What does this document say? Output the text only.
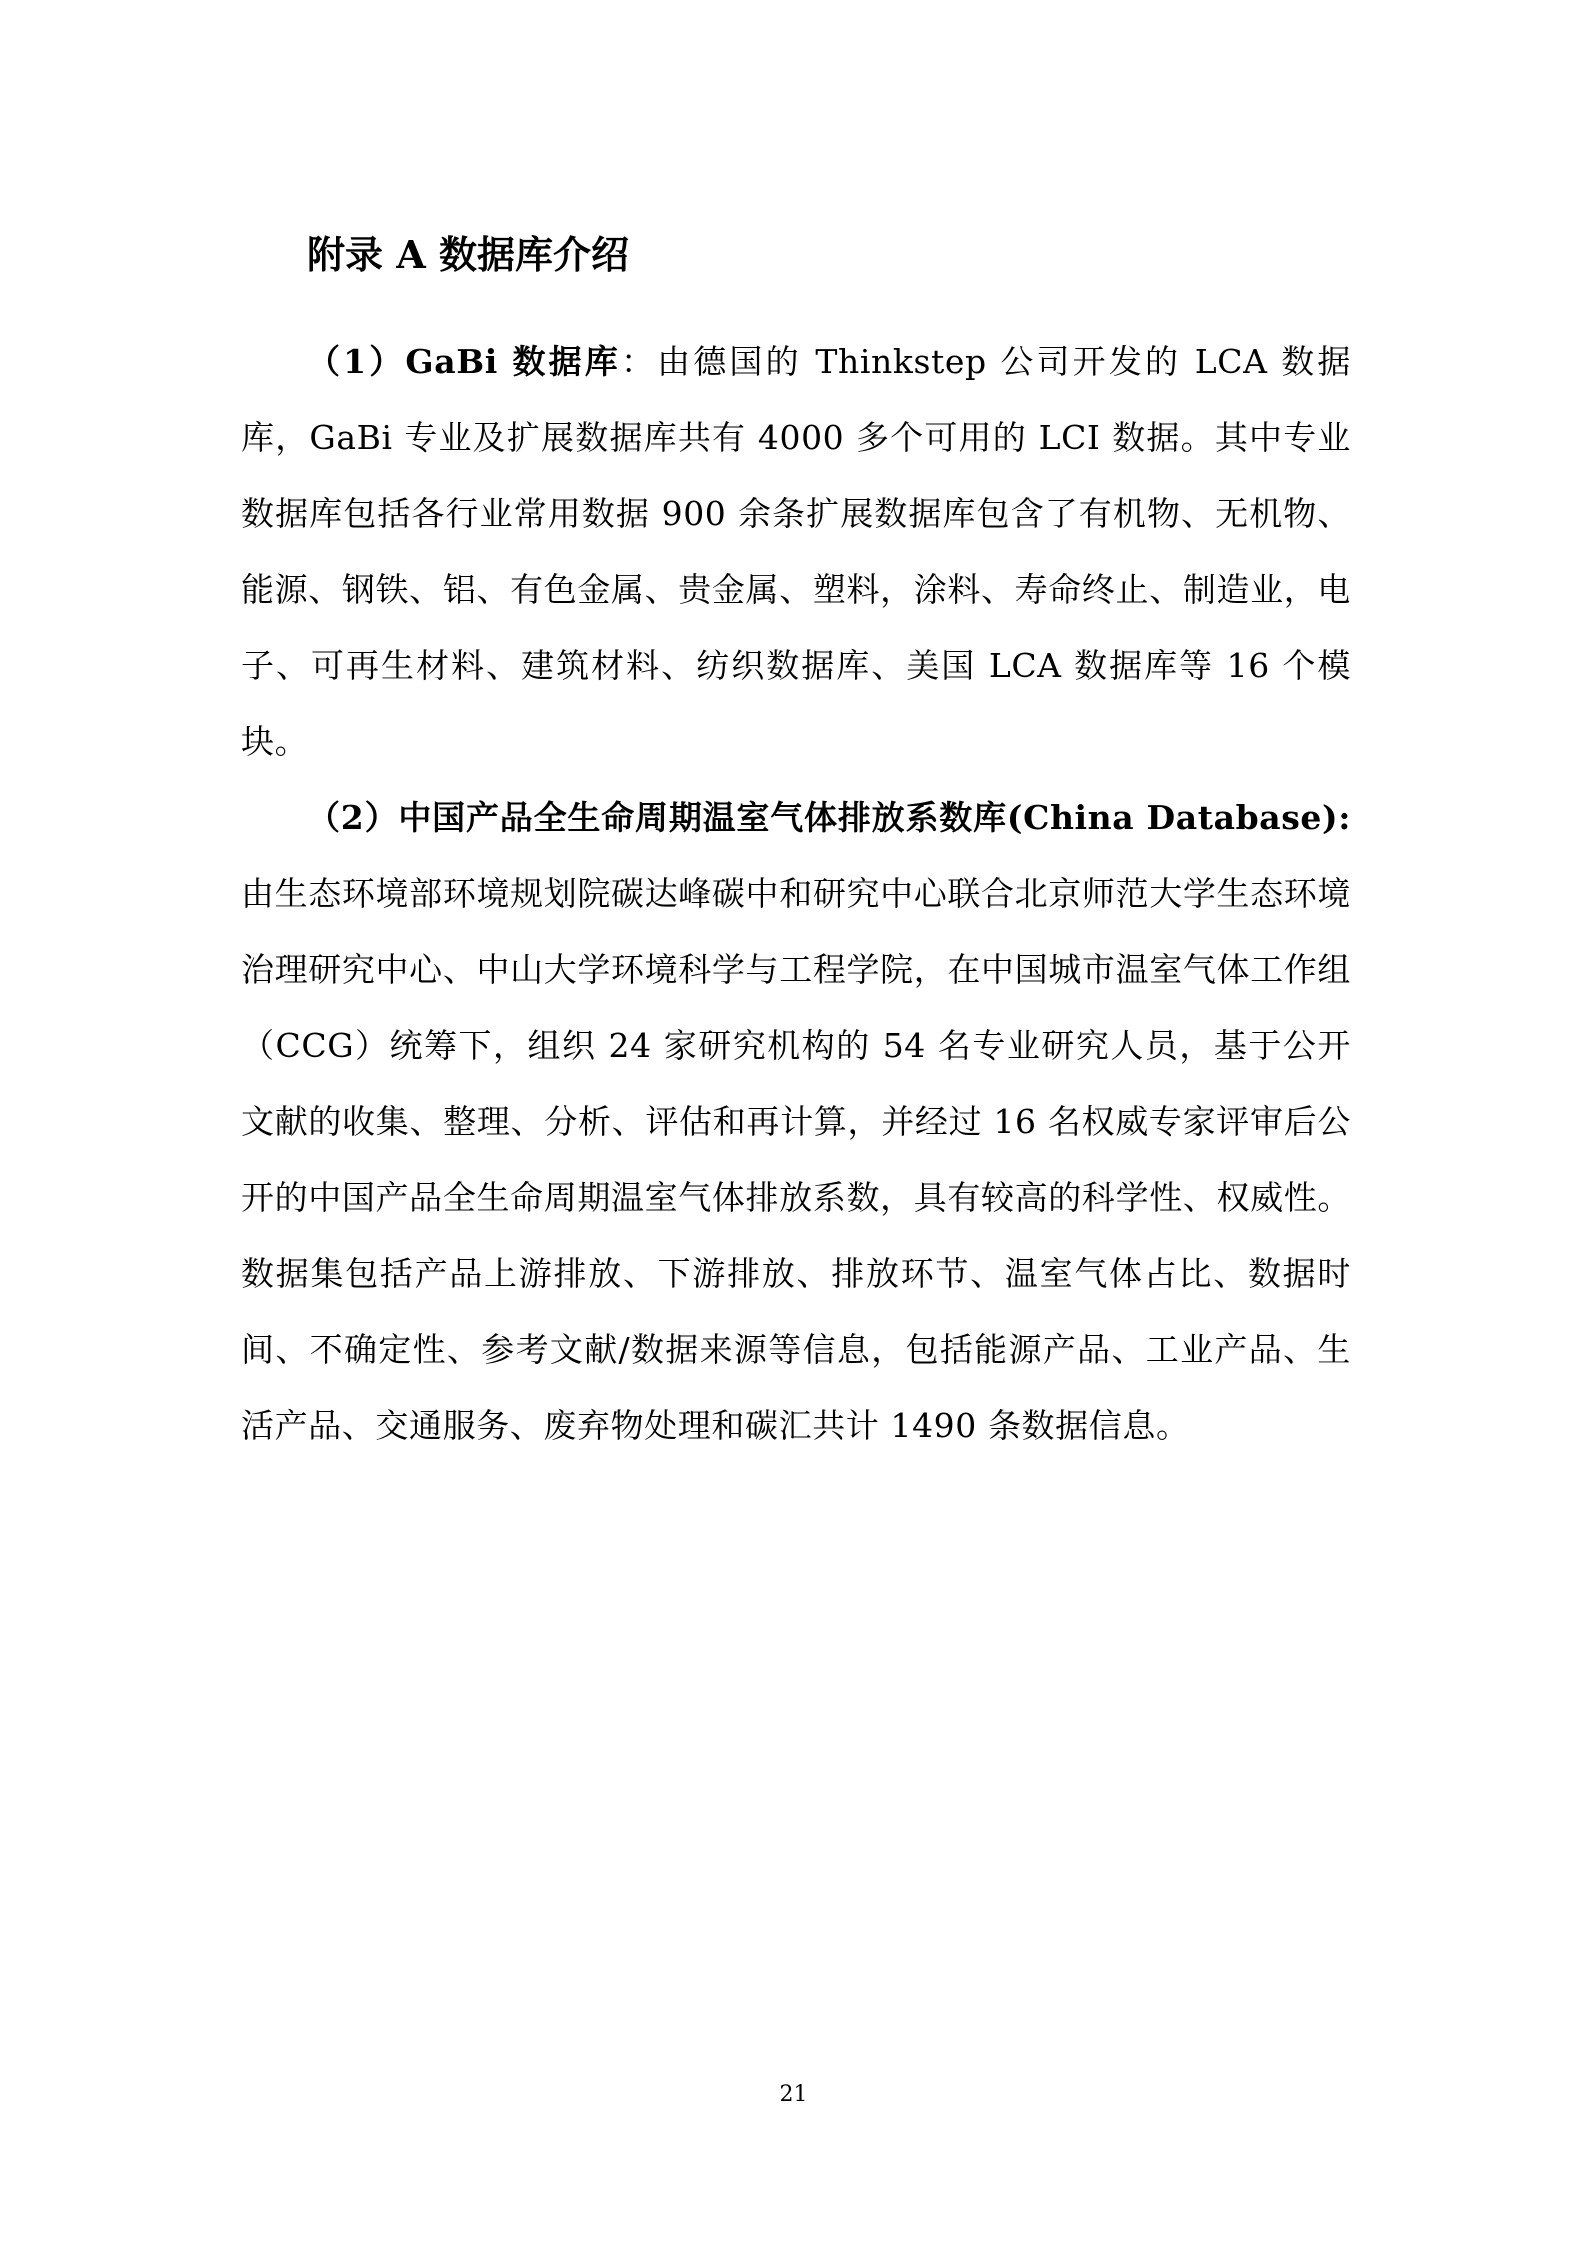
附录 A 数据库介绍

（1）GaBi 数据库：由德国的 Thinkstep 公司开发的 LCA 数据库，GaBi 专业及扩展数据库共有 4000 多个可用的 LCI 数据。其中专业数据库包括各行业常用数据 900 余条扩展数据库包含了有机物、无机物、能源、钢铁、铝、有色金属、贵金属、塑料，涂料、寿命终止、制造业，电子、可再生材料、建筑材料、纺织数据库、美国 LCA 数据库等 16 个模块。

（2）中国产品全生命周期温室气体排放系数库(China Database): 由生态环境部环境规划院碳达峰碳中和研究中心联合北京师范大学生态环境治理研究中心、中山大学环境科学与工程学院，在中国城市温室气体工作组（CCG）统筹下，组织 24 家研究机构的 54 名专业研究人员，基于公开文献的收集、整理、分析、评估和再计算，并经过 16 名权威专家评审后公开的中国产品全生命周期温室气体排放系数，具有较高的科学性、权威性。数据集包括产品上游排放、下游排放、排放环节、温室气体占比、数据时间、不确定性、参考文献/数据来源等信息，包括能源产品、工业产品、生活产品、交通服务、废弃物处理和碳汇共计 1490 条数据信息。

21
